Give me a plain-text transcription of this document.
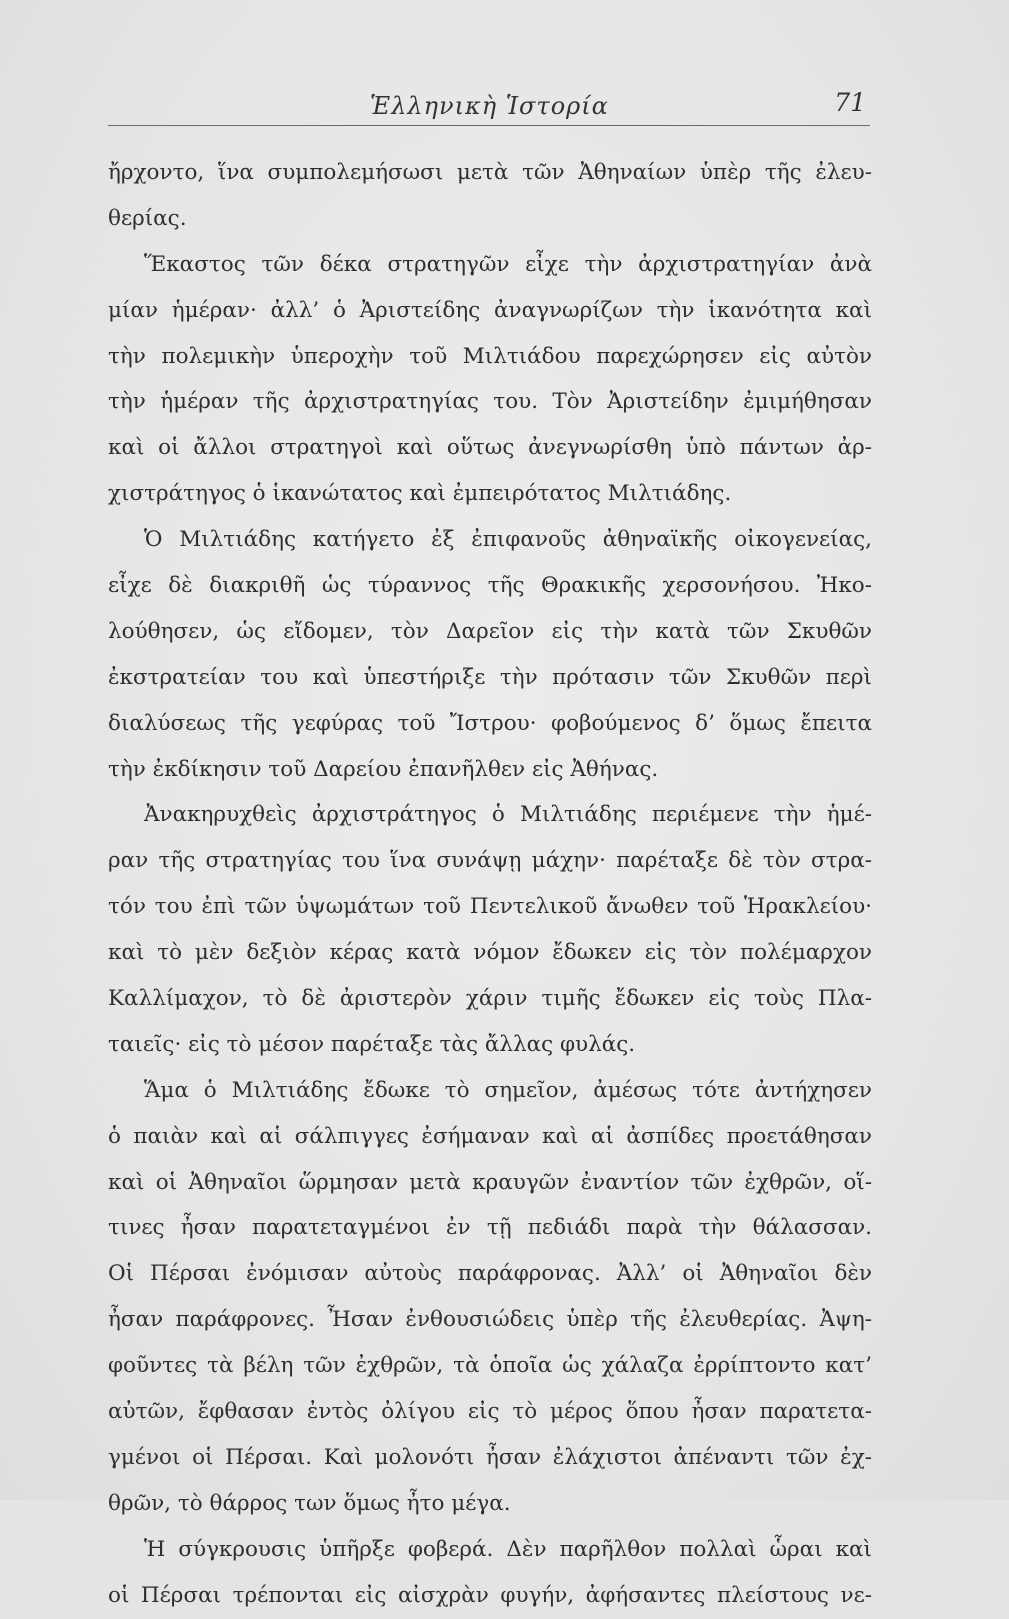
Ἑλληνικὴ Ἱστορία	71
ἤρχοντο, ἵνα συμπολεμήσωσι μετὰ τῶν Ἀθηναίων ὑπὲρ τῆς ἐλευ-
θερίας.
Ἕκαστος τῶν δέκα στρατηγῶν εἶχε τὴν ἀρχιστρατηγίαν ἀνὰ
μίαν ἡμέραν· ἀλλ’ ὁ Ἀριστείδης ἀναγνωρίζων τὴν ἱκανότητα καὶ
τὴν πολεμικὴν ὑπεροχὴν τοῦ Μιλτιάδου παρεχώρησεν εἰς αὐτὸν
τὴν ἡμέραν τῆς ἀρχιστρατηγίας του. Τὸν Ἀριστείδην ἐμιμήθησαν
καὶ οἱ ἄλλοι στρατηγοὶ καὶ οὕτως ἀνεγνωρίσθη ὑπὸ πάντων ἀρ-
χιστράτηγος ὁ ἱκανώτατος καὶ ἐμπειρότατος Μιλτιάδης.
Ὁ Μιλτιάδης κατήγετο ἐξ ἐπιφανοῦς ἀθηναϊκῆς οἰκογενείας,
εἶχε δὲ διακριθῆ ὡς τύραννος τῆς Θρακικῆς χερσονήσου. Ἠκο-
λούθησεν, ὡς εἴδομεν, τὸν Δαρεῖον εἰς τὴν κατὰ τῶν Σκυθῶν
ἐκστρατείαν του καὶ ὑπεστήριξε τὴν πρότασιν τῶν Σκυθῶν περὶ
διαλύσεως τῆς γεφύρας τοῦ Ἴστρου· φοβούμενος δ’ ὅμως ἔπειτα
τὴν ἐκδίκησιν τοῦ Δαρείου ἐπανῆλθεν εἰς Ἀθήνας.
Ἀνακηρυχθεὶς ἀρχιστράτηγος ὁ Μιλτιάδης περιέμενε τὴν ἡμέ-
ραν τῆς στρατηγίας του ἵνα συνάψῃ μάχην· παρέταξε δὲ τὸν στρα-
τόν του ἐπὶ τῶν ὑψωμάτων τοῦ Πεντελικοῦ ἄνωθεν τοῦ Ἡρακλείου·
καὶ τὸ μὲν δεξιὸν κέρας κατὰ νόμον ἔδωκεν εἰς τὸν πολέμαρχον
Καλλίμαχον, τὸ δὲ ἀριστερὸν χάριν τιμῆς ἔδωκεν εἰς τοὺς Πλα-
ταιεῖς· εἰς τὸ μέσον παρέταξε τὰς ἄλλας φυλάς.
Ἅμα ὁ Μιλτιάδης ἔδωκε τὸ σημεῖον, ἀμέσως τότε ἀντήχησεν
ὁ παιὰν καὶ αἱ σάλπιγγες ἐσήμαναν καὶ αἱ ἀσπίδες προετάθησαν
καὶ οἱ Ἀθηναῖοι ὥρμησαν μετὰ κραυγῶν ἐναντίον τῶν ἐχθρῶν, οἵ-
τινες ἦσαν παρατεταγμένοι ἐν τῇ πεδιάδι παρὰ τὴν θάλασσαν.
Οἱ Πέρσαι ἐνόμισαν αὐτοὺς παράφρονας. Ἀλλ’ οἱ Ἀθηναῖοι δὲν
ἦσαν παράφρονες. Ἦσαν ἐνθουσιώδεις ὑπὲρ τῆς ἐλευθερίας. Ἀψη-
φοῦντες τὰ βέλη τῶν ἐχθρῶν, τὰ ὁποῖα ὡς χάλαζα ἐρρίπτοντο κατ’
αὐτῶν, ἔφθασαν ἐντὸς ὀλίγου εἰς τὸ μέρος ὅπου ἦσαν παρατετα-
γμένοι οἱ Πέρσαι. Καὶ μολονότι ἦσαν ἐλάχιστοι ἀπέναντι τῶν ἐχ-
θρῶν, τὸ θάρρος των ὅμως ἦτο μέγα.
Ἡ σύγκρουσις ὑπῆρξε φοβερά. Δὲν παρῆλθον πολλαὶ ὧραι καὶ
οἱ Πέρσαι τρέπονται εἰς αἰσχρὰν φυγήν, ἀφήσαντες πλείστους νε-
